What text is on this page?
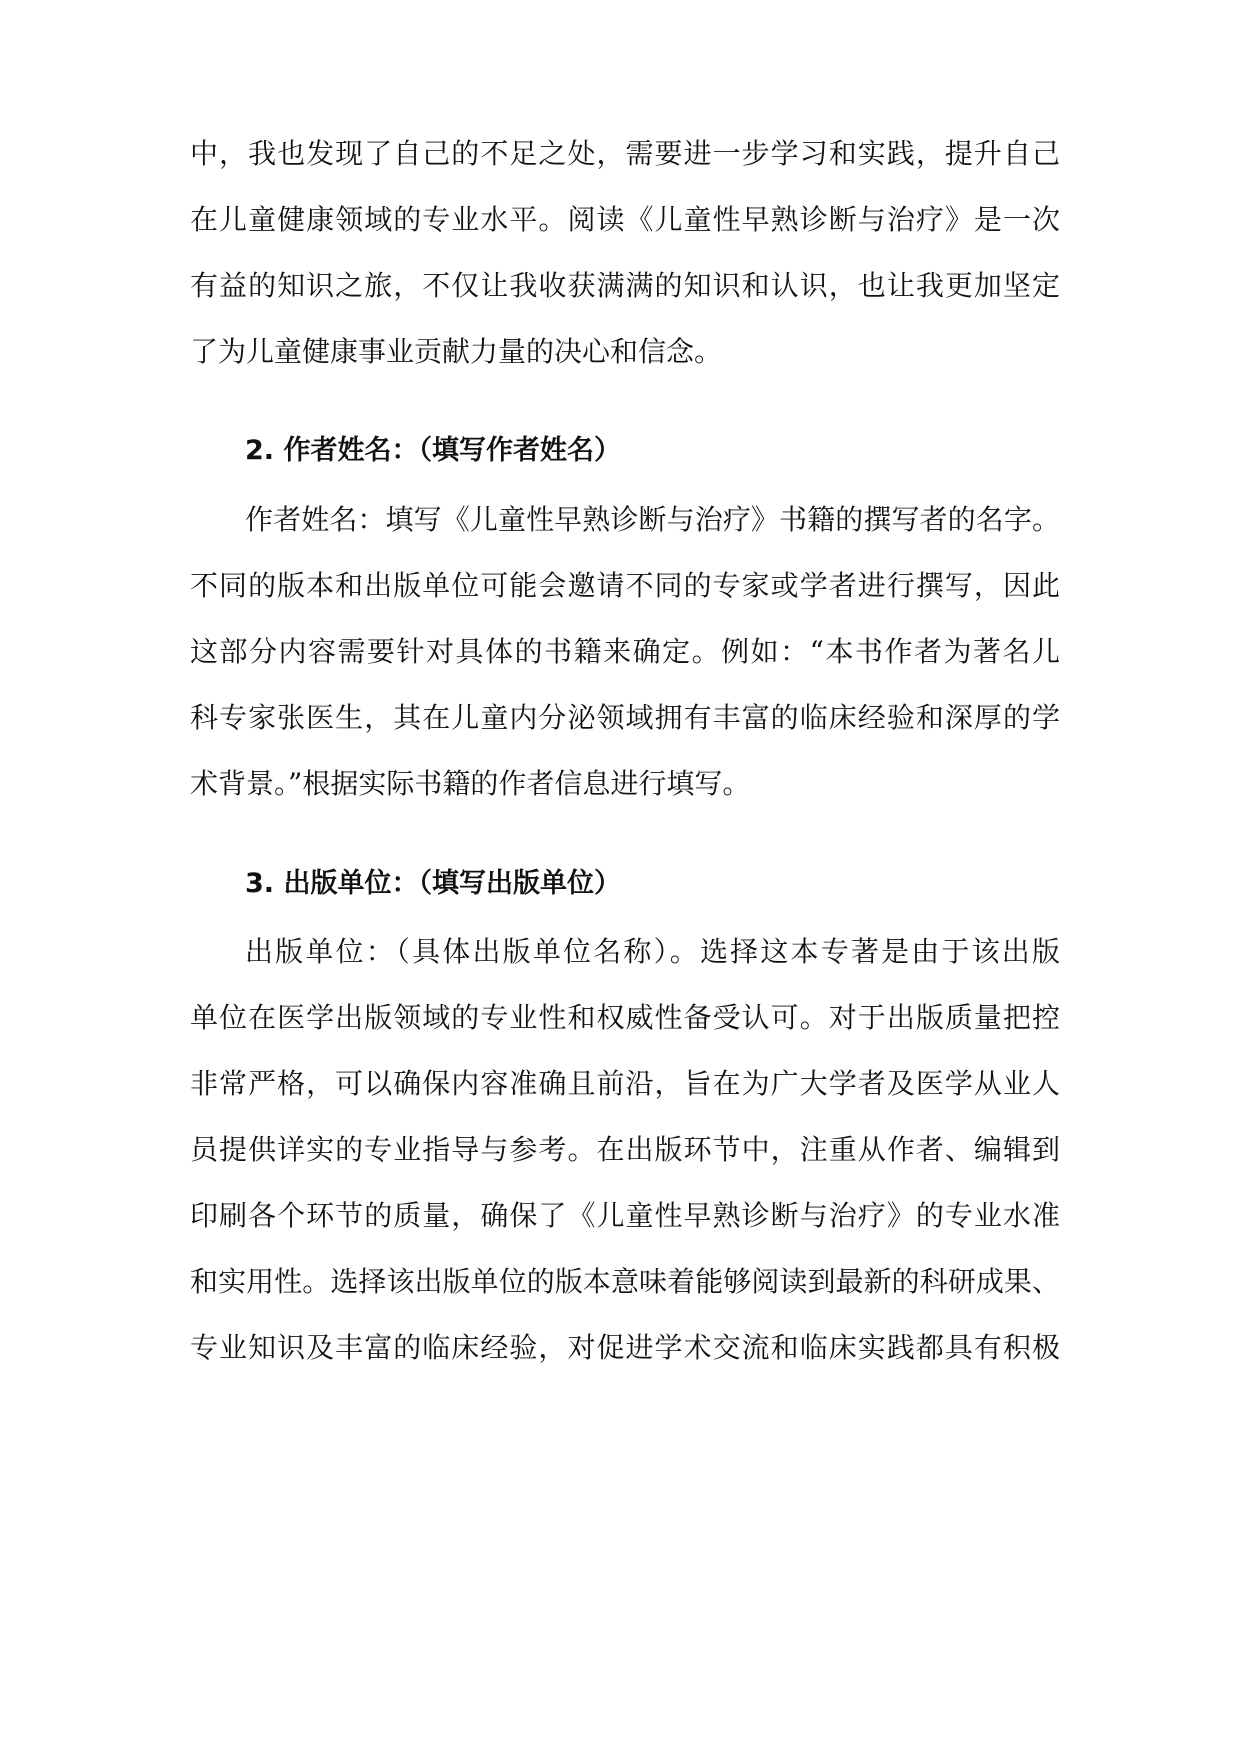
中，我也发现了自己的不足之处，需要进一步学习和实践，提升自己
在儿童健康领域的专业水平。阅读《儿童性早熟诊断与治疗》是一次
有益的知识之旅，不仅让我收获满满的知识和认识，也让我更加坚定
了为儿童健康事业贡献力量的决心和信念。
2. 作者姓名：（填写作者姓名）
作者姓名：填写《儿童性早熟诊断与治疗》书籍的撰写者的名字。
不同的版本和出版单位可能会邀请不同的专家或学者进行撰写，因此
这部分内容需要针对具体的书籍来确定。例如：“本书作者为著名儿
科专家张医生，其在儿童内分泌领域拥有丰富的临床经验和深厚的学
术背景。”根据实际书籍的作者信息进行填写。
3. 出版单位：（填写出版单位）
出版单位：（具体出版单位名称）。选择这本专著是由于该出版
单位在医学出版领域的专业性和权威性备受认可。对于出版质量把控
非常严格，可以确保内容准确且前沿，旨在为广大学者及医学从业人
员提供详实的专业指导与参考。在出版环节中，注重从作者、编辑到
印刷各个环节的质量，确保了《儿童性早熟诊断与治疗》的专业水准
和实用性。选择该出版单位的版本意味着能够阅读到最新的科研成果、
专业知识及丰富的临床经验，对促进学术交流和临床实践都具有积极
